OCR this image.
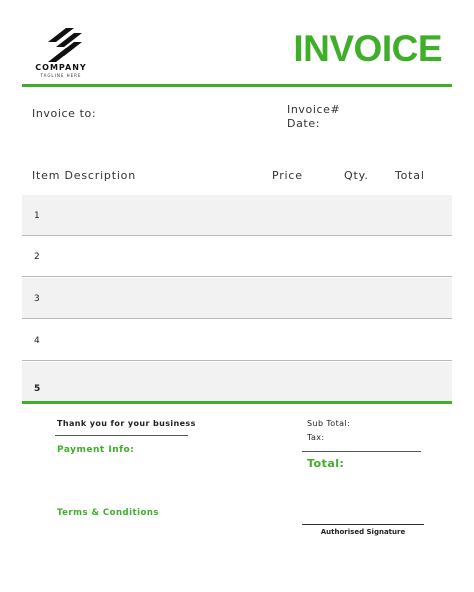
COMPANY
TAGLINE HERE
INVOICE
Invoice to:	Invoice#
Date:
Item Description	Price	Qty. Total
1
2
3
4
5
Thank you for your business
Payment Info:
Terms & Conditions
Sub Total:
Tax:
Total:
Authorised Signature
